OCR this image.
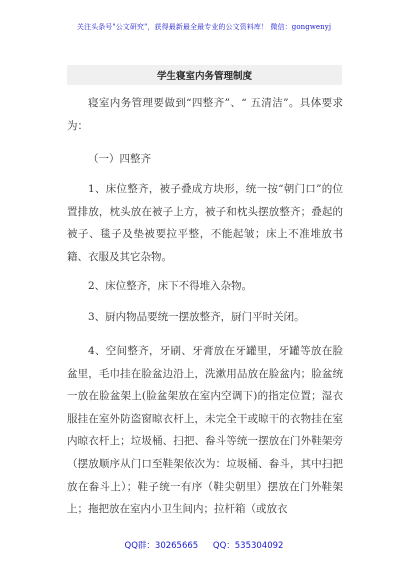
关注头条号"公文研究"，获得最新最全最专业的公文资料库！ 微信：gongwenyj
学生寝室内务管理制度
寝室内务管理要做到“四整齐”、“ 五清洁”。具体要求为：
（一）四整齐
1、床位整齐，被子叠成方块形，统一按“朝门口”的位置排放，枕头放在被子上方，被子和枕头摆放整齐；叠起的被子、毯子及垫被要拉平整，不能起皱；床上不准堆放书籍、衣服及其它杂物。
2、床位整齐，床下不得堆入杂物。
3、厨内物品要统一摆放整齐，厨门平时关闭。
4、空间整齐，牙刷、牙膏放在牙罐里，牙罐等放在脸盆里，毛巾挂在脸盆边沿上，洗漱用品放在脸盆内；脸盆统一放在脸盆架上(脸盆架放在室内空调下)的指定位置；湿衣服挂在室外防盗窗晾衣杆上，未完全干或晾干的衣物挂在室内晾衣杆上；垃圾桶、扫把、畚斗等统一摆放在门外鞋架旁（摆放顺序从门口至鞋架依次为：垃圾桶、畚斗，其中扫把放在畚斗上）；鞋子统一有序（鞋尖朝里）摆放在门外鞋架上；拖把放在室内小卫生间内；拉杆箱（或放衣
QQ群：30265665 QQ：535304092
